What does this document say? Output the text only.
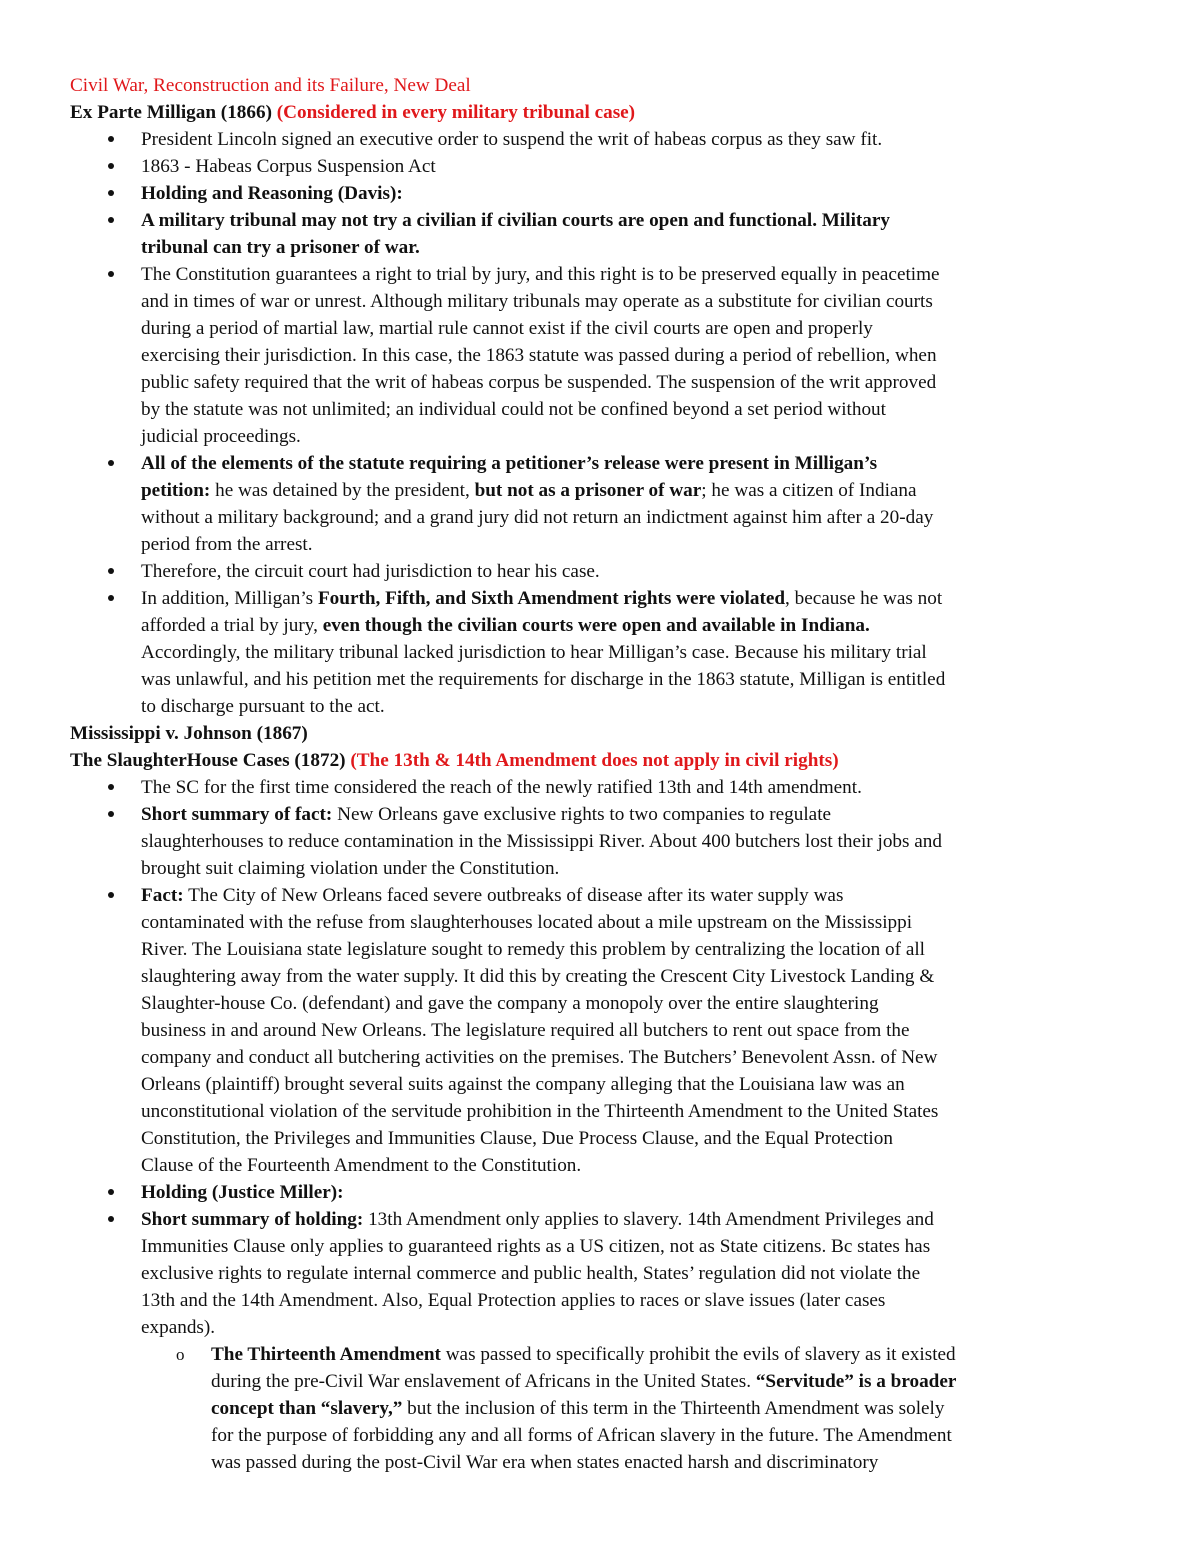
Civil War, Reconstruction and its Failure, New Deal
Ex Parte Milligan (1866) (Considered in every military tribunal case)
President Lincoln signed an executive order to suspend the writ of habeas corpus as they saw fit.
1863 - Habeas Corpus Suspension Act
Holding and Reasoning (Davis):
A military tribunal may not try a civilian if civilian courts are open and functional. Military
tribunal can try a prisoner of war.
The Constitution guarantees a right to trial by jury, and this right is to be preserved equally in peacetime
and in times of war or unrest. Although military tribunals may operate as a substitute for civilian courts
during a period of martial law, martial rule cannot exist if the civil courts are open and properly
exercising their jurisdiction. In this case, the 1863 statute was passed during a period of rebellion, when
public safety required that the writ of habeas corpus be suspended. The suspension of the writ approved
by the statute was not unlimited; an individual could not be confined beyond a set period without
judicial proceedings.
All of the elements of the statute requiring a petitioner’s release were present in Milligan’s
petition: he was detained by the president, but not as a prisoner of war; he was a citizen of Indiana
without a military background; and a grand jury did not return an indictment against him after a 20-day
period from the arrest.
Therefore, the circuit court had jurisdiction to hear his case.
In addition, Milligan’s Fourth, Fifth, and Sixth Amendment rights were violated, because he was not
afforded a trial by jury, even though the civilian courts were open and available in Indiana.
Accordingly, the military tribunal lacked jurisdiction to hear Milligan’s case. Because his military trial
was unlawful, and his petition met the requirements for discharge in the 1863 statute, Milligan is entitled
to discharge pursuant to the act.
Mississippi v. Johnson (1867)
The SlaughterHouse Cases (1872) (The 13th & 14th Amendment does not apply in civil rights)
The SC for the first time considered the reach of the newly ratified 13th and 14th amendment.
Short summary of fact: New Orleans gave exclusive rights to two companies to regulate
slaughterhouses to reduce contamination in the Mississippi River. About 400 butchers lost their jobs and
brought suit claiming violation under the Constitution.
Fact: The City of New Orleans faced severe outbreaks of disease after its water supply was
contaminated with the refuse from slaughterhouses located about a mile upstream on the Mississippi
River. The Louisiana state legislature sought to remedy this problem by centralizing the location of all
slaughtering away from the water supply. It did this by creating the Crescent City Livestock Landing &
Slaughter-house Co. (defendant) and gave the company a monopoly over the entire slaughtering
business in and around New Orleans. The legislature required all butchers to rent out space from the
company and conduct all butchering activities on the premises. The Butchers’ Benevolent Assn. of New
Orleans (plaintiff) brought several suits against the company alleging that the Louisiana law was an
unconstitutional violation of the servitude prohibition in the Thirteenth Amendment to the United States
Constitution, the Privileges and Immunities Clause, Due Process Clause, and the Equal Protection
Clause of the Fourteenth Amendment to the Constitution.
Holding (Justice Miller):
Short summary of holding: 13th Amendment only applies to slavery. 14th Amendment Privileges and
Immunities Clause only applies to guaranteed rights as a US citizen, not as State citizens. Bc states has
exclusive rights to regulate internal commerce and public health, States’ regulation did not violate the
13th and the 14th Amendment. Also, Equal Protection applies to races or slave issues (later cases
expands).
o The Thirteenth Amendment was passed to specifically prohibit the evils of slavery as it existed
during the pre-Civil War enslavement of Africans in the United States. “Servitude” is a broader
concept than “slavery,” but the inclusion of this term in the Thirteenth Amendment was solely
for the purpose of forbidding any and all forms of African slavery in the future. The Amendment
was passed during the post-Civil War era when states enacted harsh and discriminatory
